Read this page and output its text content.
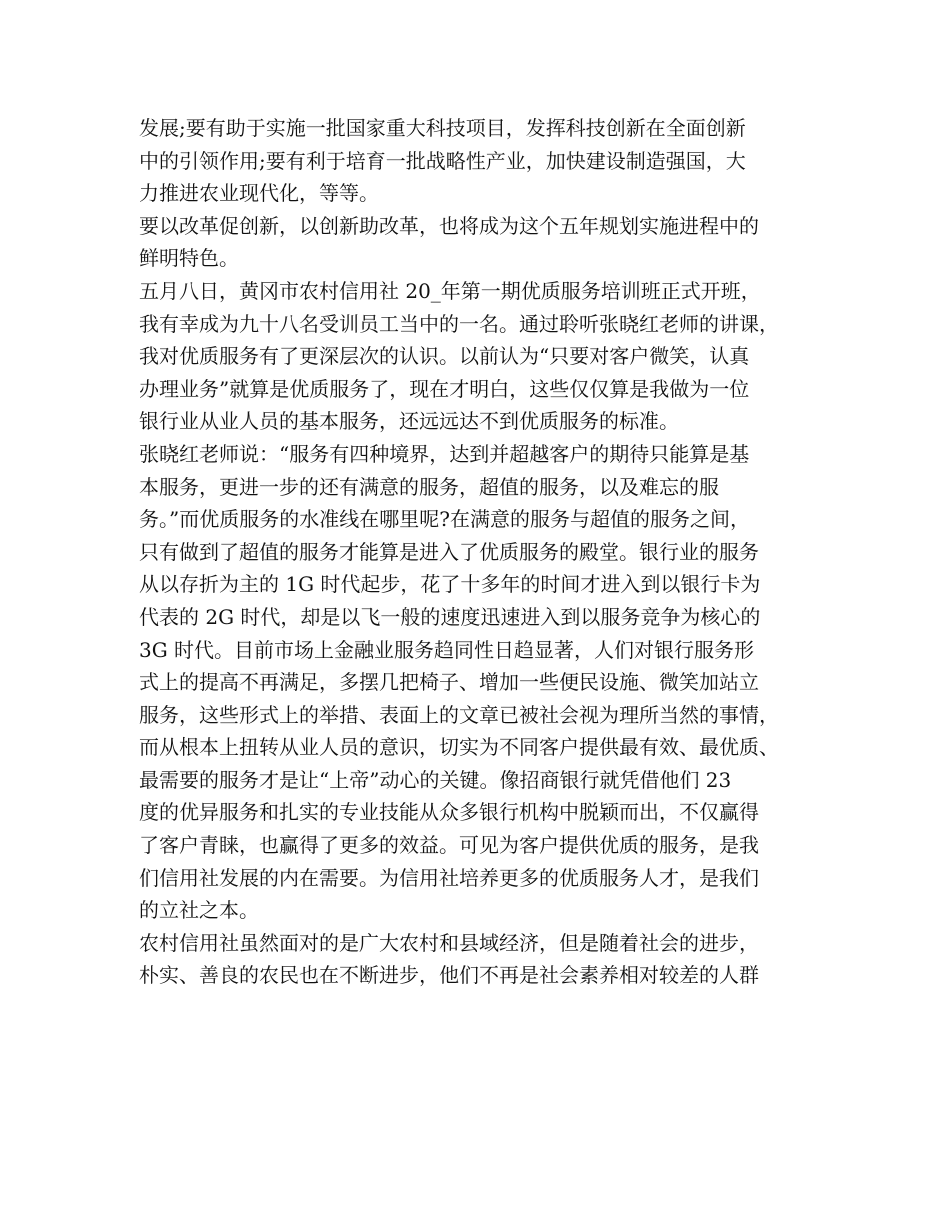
发展;要有助于实施一批国家重大科技项目，发挥科技创新在全面创新
中的引领作用;要有利于培育一批战略性产业，加快建设制造强国，大
力推进农业现代化，等等。
要以改革促创新，以创新助改革，也将成为这个五年规划实施进程中的
鲜明特色。
五月八日，黄冈市农村信用社 20_年第一期优质服务培训班正式开班，
我有幸成为九十八名受训员工当中的一名。通过聆听张晓红老师的讲课，
我对优质服务有了更深层次的认识。以前认为“只要对客户微笑，认真
办理业务”就算是优质服务了，现在才明白，这些仅仅算是我做为一位
银行业从业人员的基本服务，还远远达不到优质服务的标准。
张晓红老师说：“服务有四种境界，达到并超越客户的期待只能算是基
本服务，更进一步的还有满意的服务，超值的服务，以及难忘的服
务。”而优质服务的水准线在哪里呢?在满意的服务与超值的服务之间，
只有做到了超值的服务才能算是进入了优质服务的殿堂。银行业的服务
从以存折为主的 1G 时代起步，花了十多年的时间才进入到以银行卡为
代表的 2G 时代，却是以飞一般的速度迅速进入到以服务竞争为核心的
3G 时代。目前市场上金融业服务趋同性日趋显著，人们对银行服务形
式上的提高不再满足，多摆几把椅子、增加一些便民设施、微笑加站立
服务，这些形式上的举措、表面上的文章已被社会视为理所当然的事情，
而从根本上扭转从业人员的意识，切实为不同客户提供最有效、最优质、
最需要的服务才是让“上帝”动心的关键。像招商银行就凭借他们 23
度的优异服务和扎实的专业技能从众多银行机构中脱颖而出，不仅赢得
了客户青睐，也赢得了更多的效益。可见为客户提供优质的服务，是我
们信用社发展的内在需要。为信用社培养更多的优质服务人才，是我们
的立社之本。
农村信用社虽然面对的是广大农村和县域经济，但是随着社会的进步，
朴实、善良的农民也在不断进步，他们不再是社会素养相对较差的人群
